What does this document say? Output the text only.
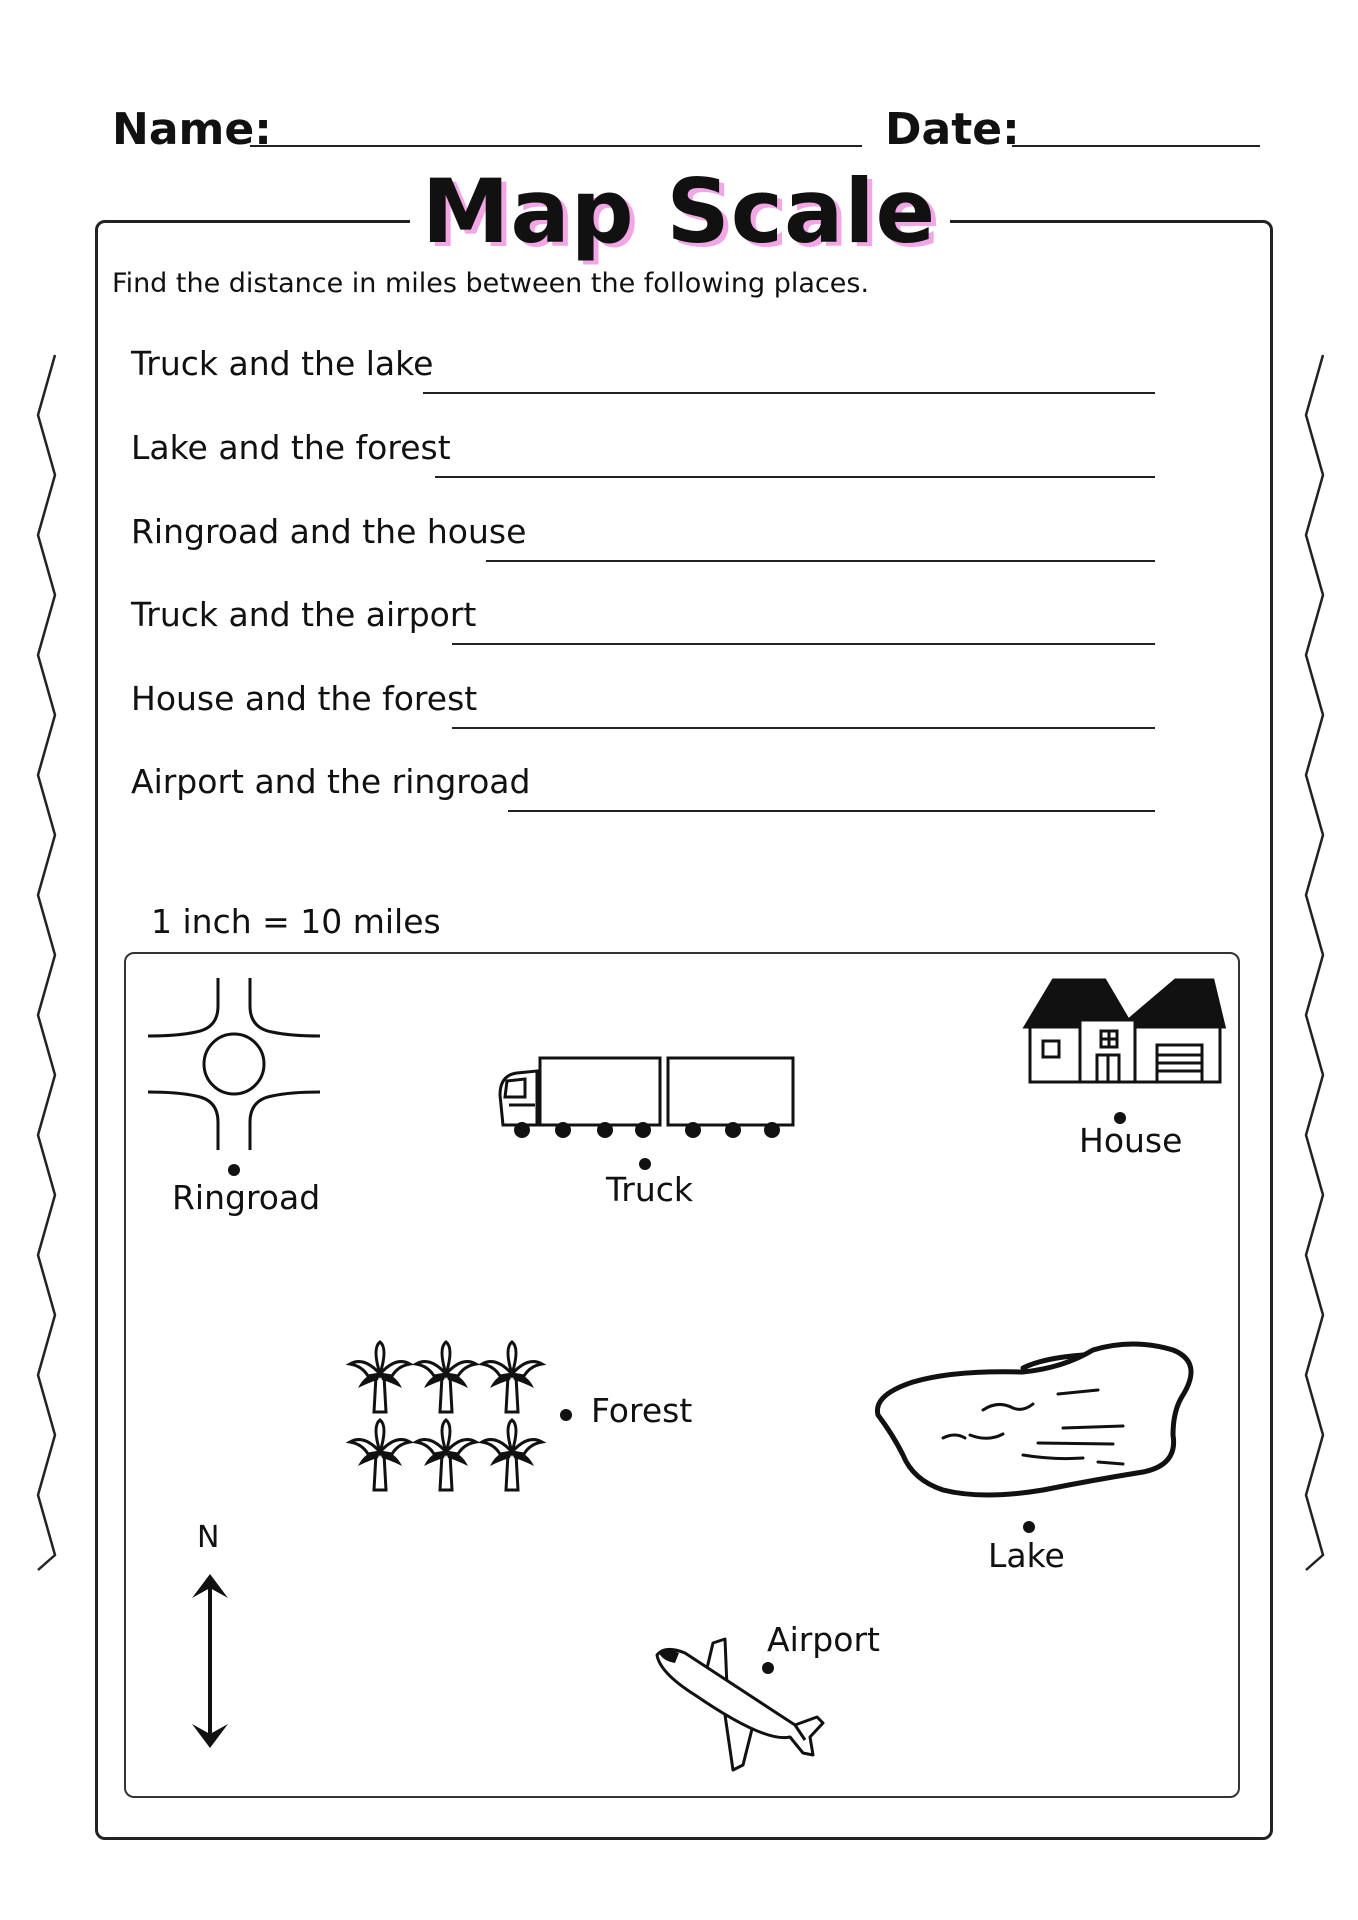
Name:	Date:
Map Scale
Find the distance in miles between the following places.
Truck and the lake
Lake and the forest
Ringroad and the house
Truck and the airport
House and the forest
Airport and the ringroad
1 inch = 10 miles
Ringroad	Truck
House
Forest
Lake
N
Airport
